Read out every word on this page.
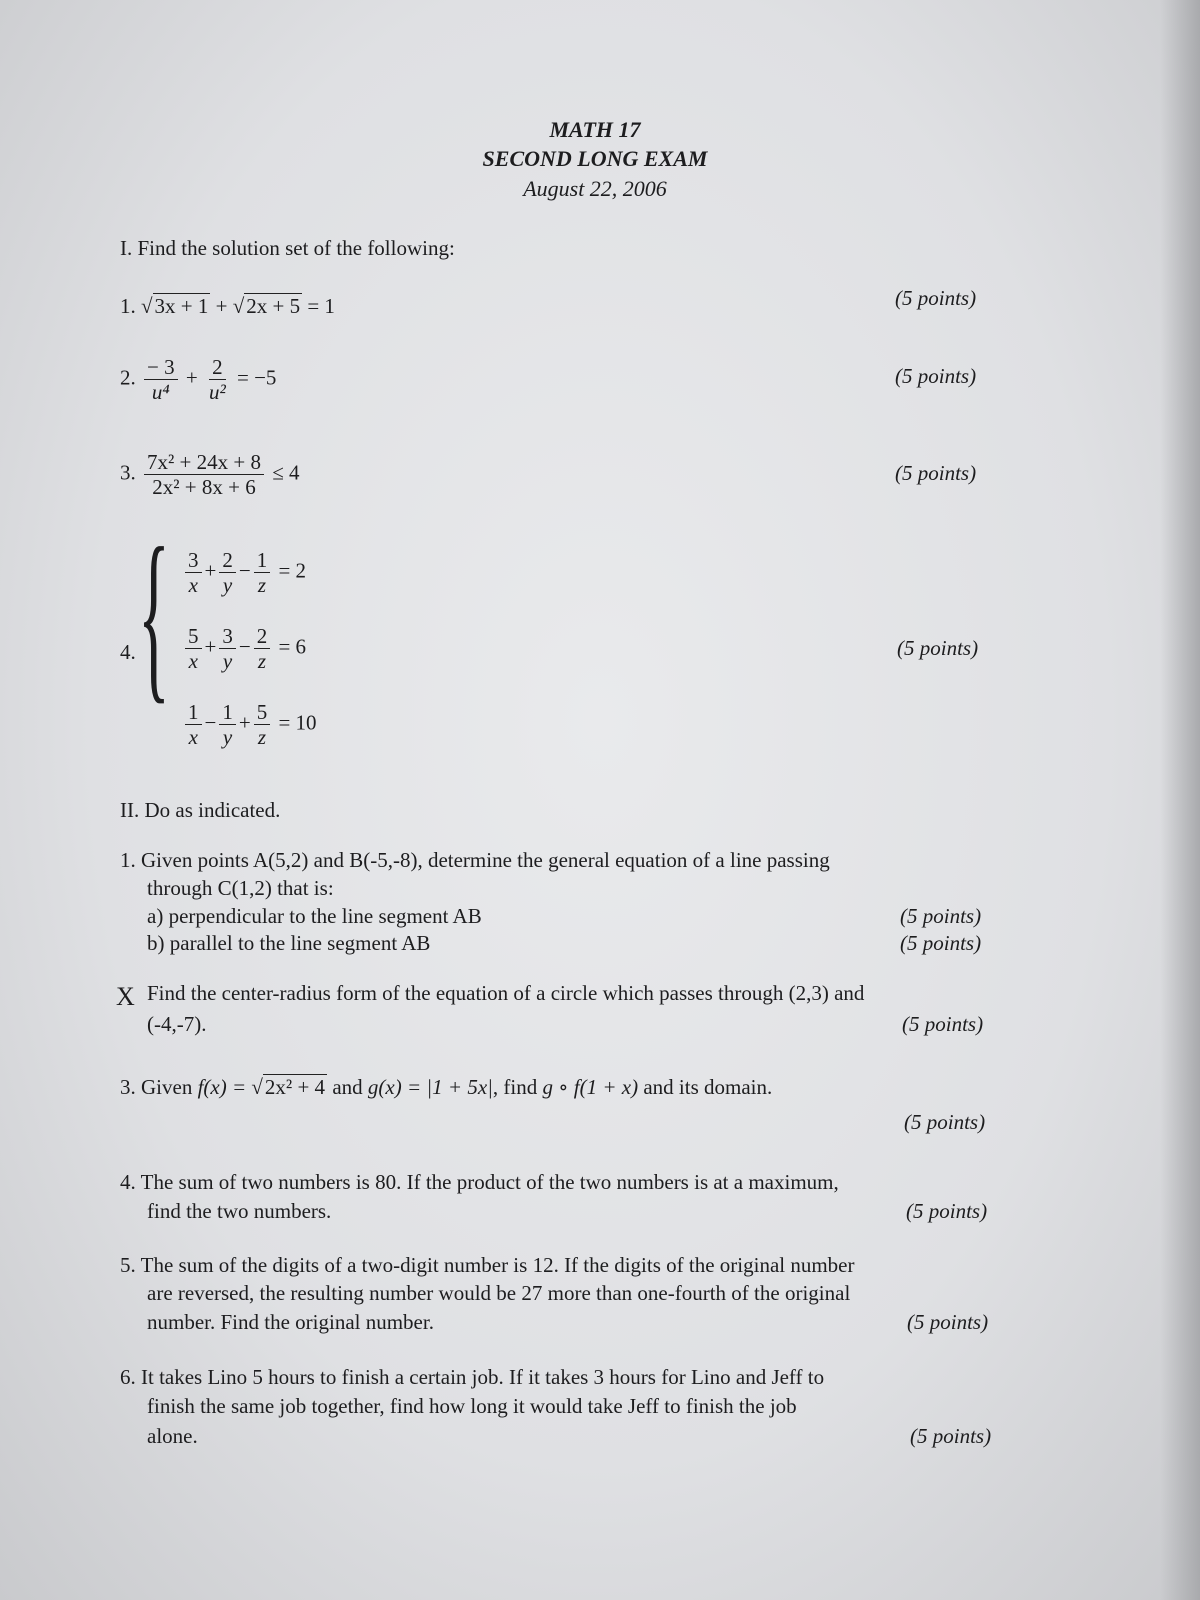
MATH 17
SECOND LONG EXAM
August 22, 2006
I. Find the solution set of the following:
1. √3x + 1 + √2x + 5 = 1	(5 points)
2. $\frac{- 3}{\text{u⁴}} + \frac{2}{\text{u²}} = -5$	(5 points)
3. $\frac{\text{7x² + 24x + 8}}{\text{2x² + 8x + 6}} \le 4$	(5 points)
4. { $\frac{3}{x} + \frac{2}{y} - \frac{1}{z} = 2$
$\frac{5}{x} + \frac{3}{y} - \frac{2}{z} = 6$
$\frac{1}{x} - \frac{1}{y} + \frac{5}{z} = 10$
(5 points)
II. Do as indicated.
1. Given points A(5,2) and B(-5,-8), determine the general equation of a line passing
through C(1,2) that is:
a) perpendicular to the line segment AB	(5 points)
b) parallel to the line segment AB	(5 points)
X Find the center-radius form of the equation of a circle which passes through (2,3) and
(-4,-7).	(5 points)
3. Given f(x) = √2x² + 4 and g(x) = |1 + 5x|, find g ∘ f(1 + x) and its domain.
(5 points)
4. The sum of two numbers is 80. If the product of the two numbers is at a maximum,
find the two numbers.	(5 points)
5. The sum of the digits of a two-digit number is 12. If the digits of the original number
are reversed, the resulting number would be 27 more than one-fourth of the original
number. Find the original number.	(5 points)
6. It takes Lino 5 hours to finish a certain job. If it takes 3 hours for Lino and Jeff to
finish the same job together, find how long it would take Jeff to finish the job
alone.	(5 points)
